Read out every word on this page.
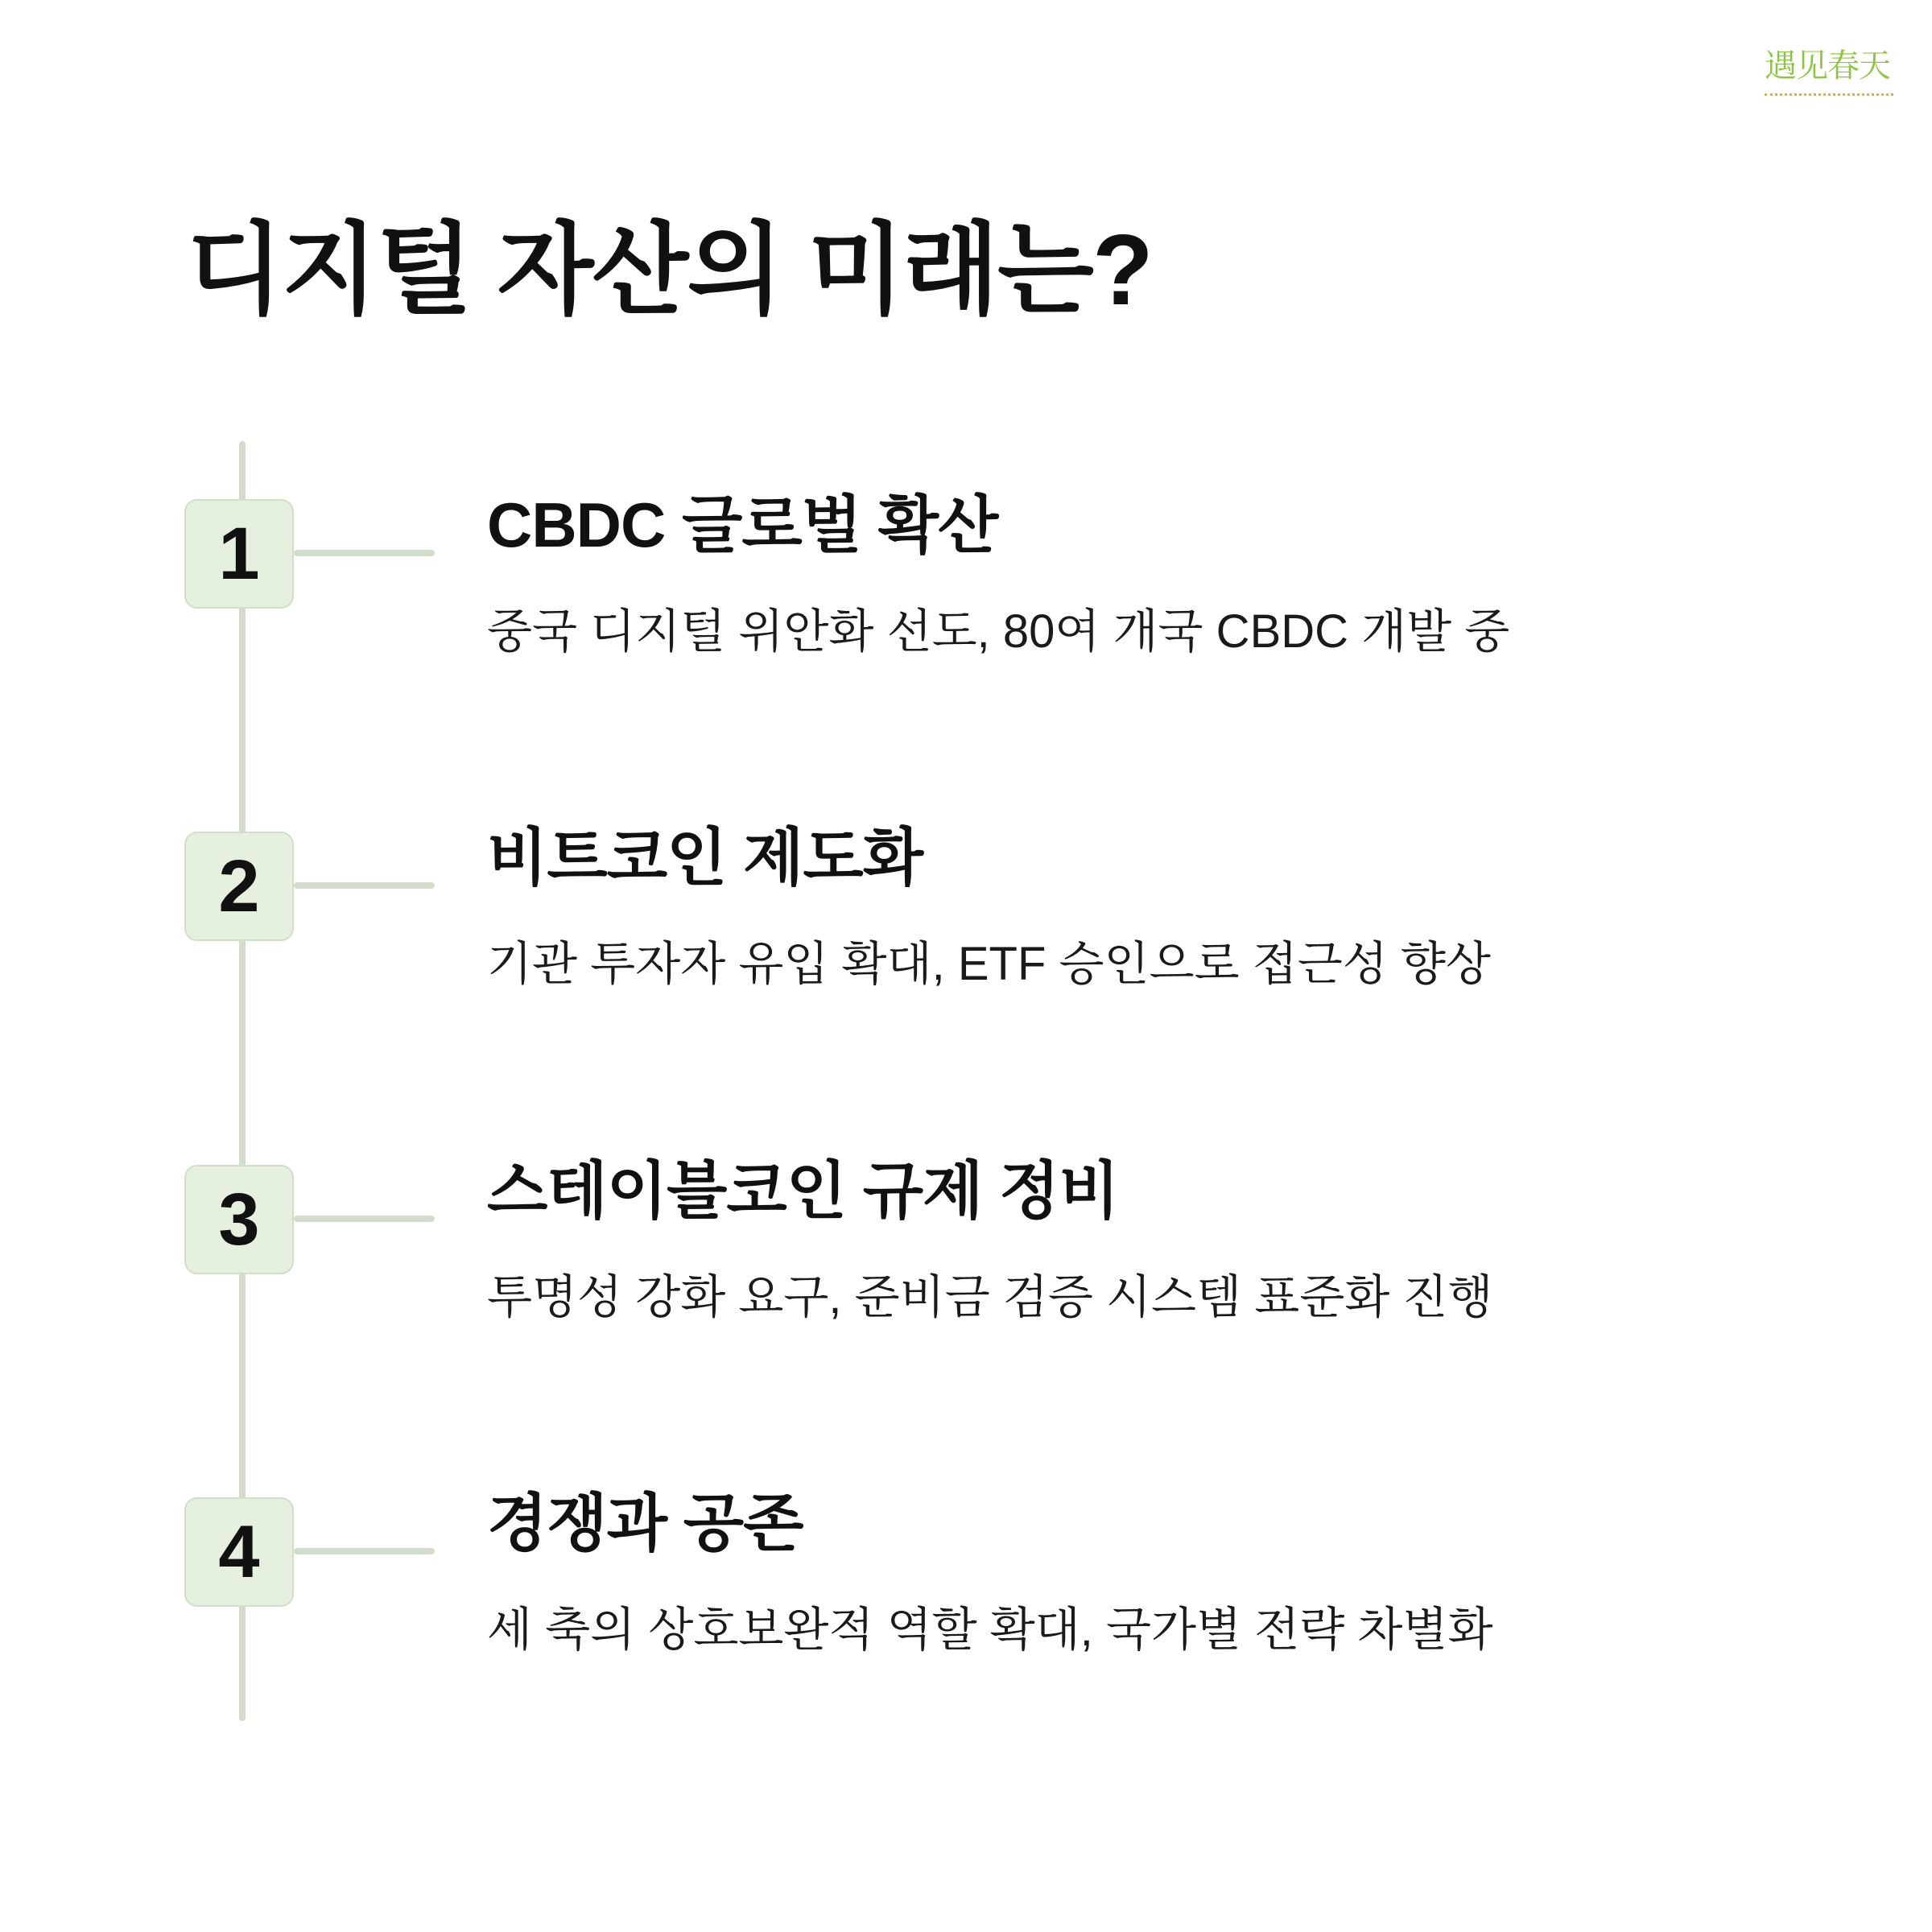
遇见春天
디지털 자산의 미래는?
1	CBDC 글로벌 확산

중국 디지털 위안화 선도, 80여 개국 CBDC 개발 중

2	비트코인 제도화

기관 투자자 유입 확대, ETF 승인으로 접근성 향상

3	스테이블코인 규제 정비

투명성 강화 요구, 준비금 검증 시스템 표준화 진행

4	경쟁과 공존

세 축의 상호보완적 역할 확대, 국가별 전략 차별화
